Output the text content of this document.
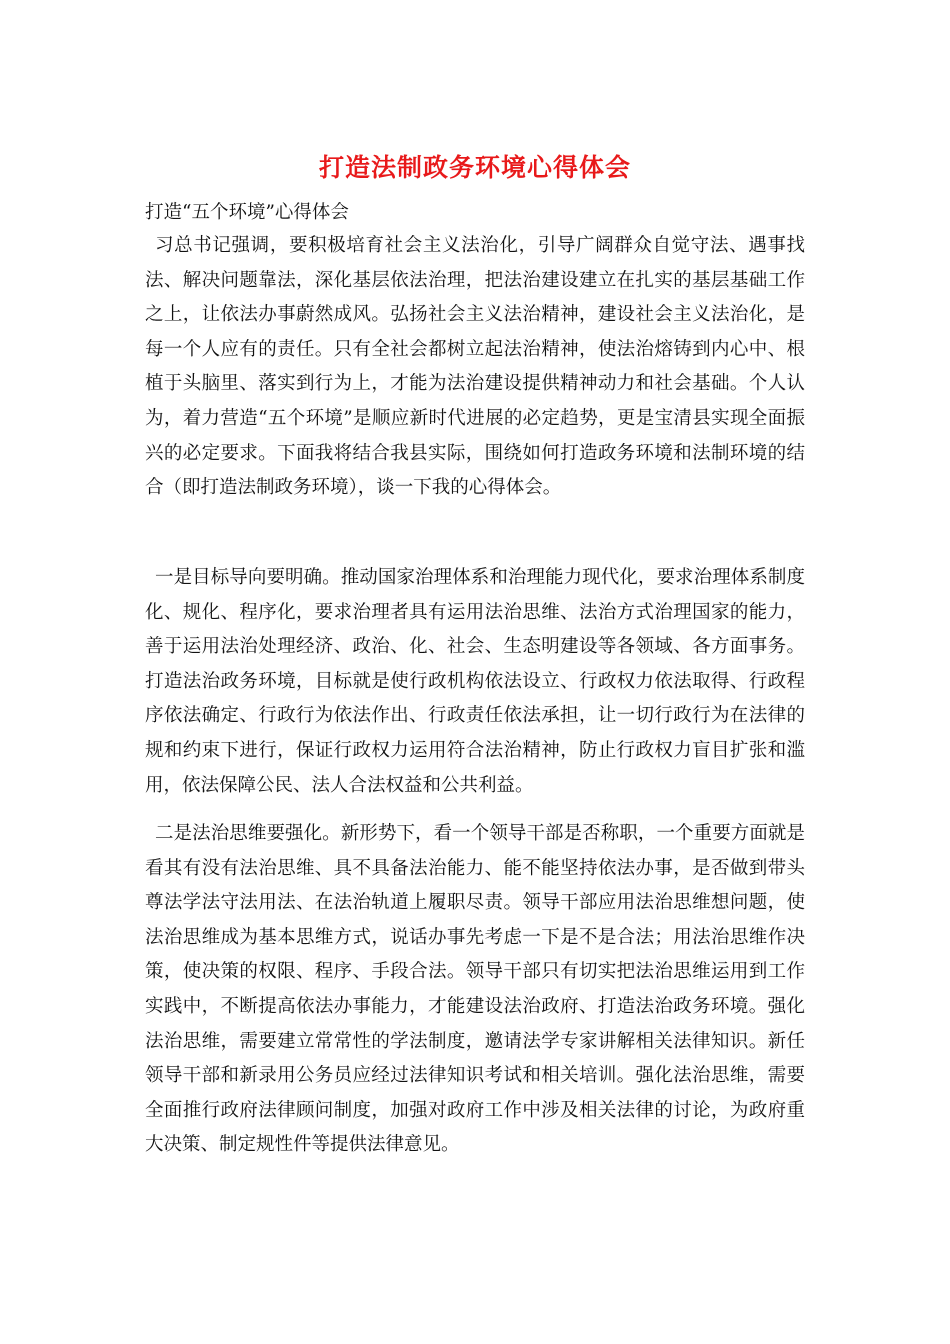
打造法制政务环境心得体会

打造“五个环境”心得体会

习总书记强调，要积极培育社会主义法治化，引导广阔群众自觉守法、遇事找法、解决问题靠法，深化基层依法治理，把法治建设建立在扎实的基层基础工作之上，让依法办事蔚然成风。弘扬社会主义法治精神，建设社会主义法治化，是每一个人应有的责任。只有全社会都树立起法治精神，使法治熔铸到内心中、根植于头脑里、落实到行为上，才能为法治建设提供精神动力和社会基础。个人认为，着力营造“五个环境”是顺应新时代进展的必定趋势，更是宝清县实现全面振兴的必定要求。下面我将结合我县实际，围绕如何打造政务环境和法制环境的结合（即打造法制政务环境），谈一下我的心得体会。

一是目标导向要明确。推动国家治理体系和治理能力现代化，要求治理体系制度化、规化、程序化，要求治理者具有运用法治思维、法治方式治理国家的能力，善于运用法治处理经济、政治、化、社会、生态明建设等各领域、各方面事务。打造法治政务环境，目标就是使行政机构依法设立、行政权力依法取得、行政程序依法确定、行政行为依法作出、行政责任依法承担，让一切行政行为在法律的规和约束下进行，保证行政权力运用符合法治精神，防止行政权力盲目扩张和滥用，依法保障公民、法人合法权益和公共利益。

二是法治思维要强化。新形势下，看一个领导干部是否称职，一个重要方面就是看其有没有法治思维、具不具备法治能力、能不能坚持依法办事，是否做到带头尊法学法守法用法、在法治轨道上履职尽责。领导干部应用法治思维想问题，使法治思维成为基本思维方式，说话办事先考虑一下是不是合法；用法治思维作决策，使决策的权限、程序、手段合法。领导干部只有切实把法治思维运用到工作实践中，不断提高依法办事能力，才能建设法治政府、打造法治政务环境。强化法治思维，需要建立常常性的学法制度，邀请法学专家讲解相关法律知识。新任领导干部和新录用公务员应经过法律知识考试和相关培训。强化法治思维，需要全面推行政府法律顾问制度，加强对政府工作中涉及相关法律的讨论，为政府重大决策、制定规性件等提供法律意见。
